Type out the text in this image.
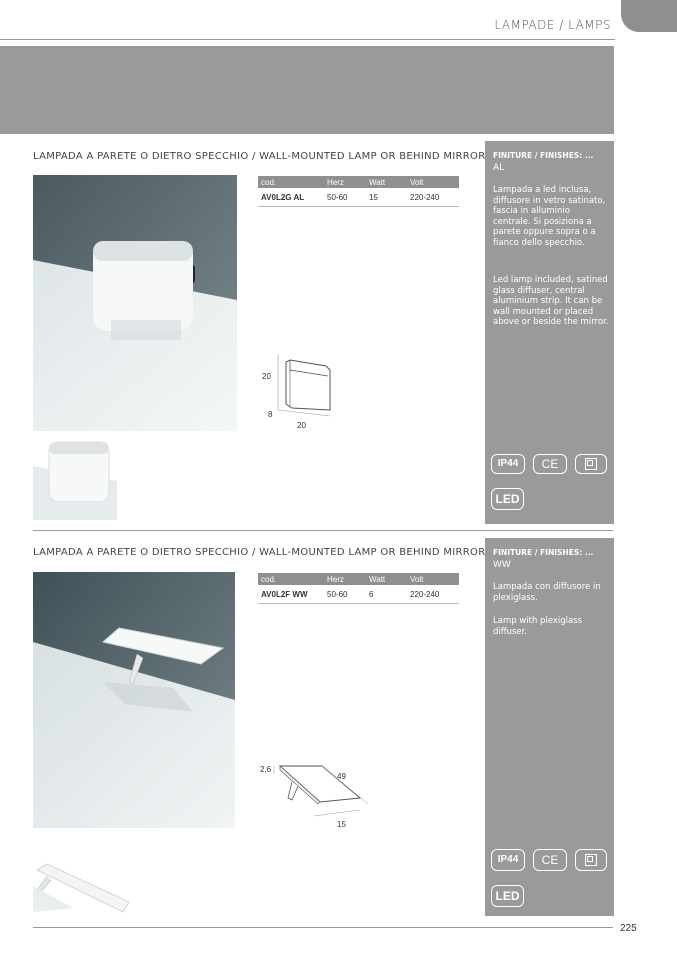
LAMPADE / LAMPS
LAMPADA A PARETE O DIETRO SPECCHIO / WALL-MOUNTED LAMP OR BEHIND MIRROR
cod.	Herz	Watt	Volt
AV0L2G AL	50-60	15	220-240
20
8
20
FINITURE / FINISHES: ...
AL
Lampada a led inclusa, diffusore in vetro satinato, fascia in alluminio centrale. Si posiziona a parete oppure sopra o a fianco dello specchio.
Led lamp included, satined glass diffuser, central aluminium strip. It can be wall mounted or placed above or beside the mirror.
IP44	CE
LED
LAMPADA A PARETE O DIETRO SPECCHIO / WALL-MOUNTED LAMP OR BEHIND MIRROR
cod.	Herz	Watt	Volt
AV0L2F WW	50-60	6	220-240
2,6
49
15
FINITURE / FINISHES: ...
WW
Lampada con diffusore in plexiglass.
Lamp with plexiglass diffuser.
IP44	CE
LED
225
